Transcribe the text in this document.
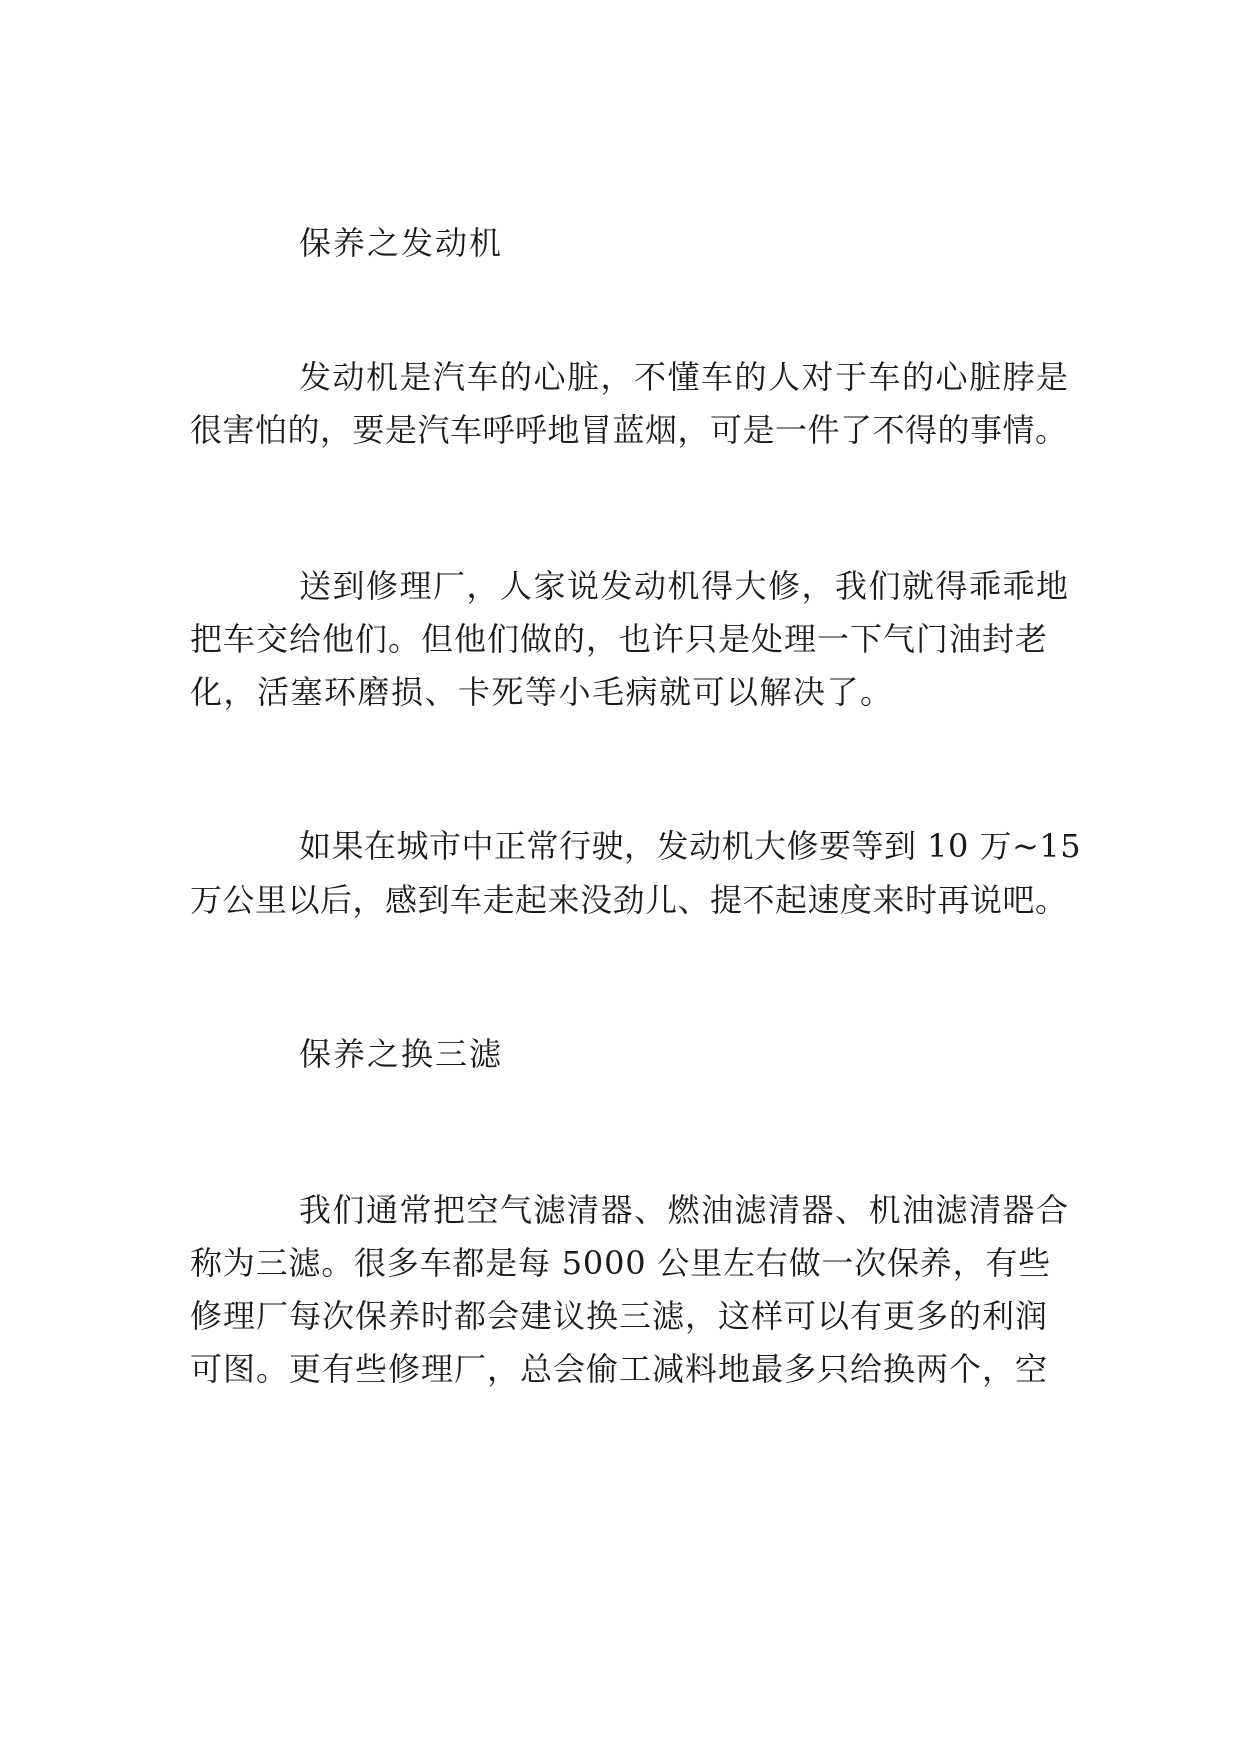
保养之发动机
发动机是汽车的心脏，不懂车的人对于车的心脏脖是
很害怕的，要是汽车呼呼地冒蓝烟，可是一件了不得的事情。
送到修理厂，人家说发动机得大修，我们就得乖乖地
把车交给他们。但他们做的，也许只是处理一下气门油封老
化，活塞环磨损、卡死等小毛病就可以解决了。
如果在城市中正常行驶，发动机大修要等到 10 万~15
万公里以后，感到车走起来没劲儿、提不起速度来时再说吧。
保养之换三滤
我们通常把空气滤清器、燃油滤清器、机油滤清器合
称为三滤。很多车都是每 5000 公里左右做一次保养，有些
修理厂每次保养时都会建议换三滤，这样可以有更多的利润
可图。更有些修理厂，总会偷工减料地最多只给换两个，空
